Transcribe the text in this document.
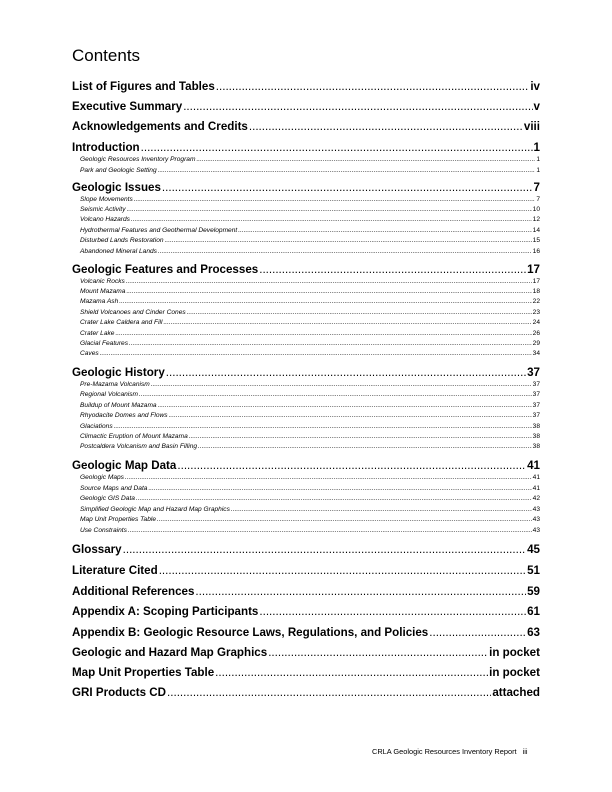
Contents
List of Figures and Tables .....	iv
Executive Summary .....	v
Acknowledgements and Credits .....	viii
Introduction .....	1
Geologic Resources Inventory Program .....	1
Park and Geologic Setting .....	1
Geologic Issues .....	7
Slope Movements .....	7
Seismic Activity .....	10
Volcano Hazards .....	12
Hydrothermal Features and Geothermal Development .....	14
Disturbed Lands Restoration .....	15
Abandoned Mineral Lands .....	16
Geologic Features and Processes .....	17
Volcanic Rocks .....	17
Mount Mazama .....	18
Mazama Ash .....	22
Shield Volcanoes and Cinder Cones .....	23
Crater Lake Caldera and Fill .....	24
Crater Lake .....	26
Glacial Features .....	29
Caves .....	34
Geologic History .....	37
Pre-Mazama Volcanism .....	37
Regional Volcanism .....	37
Buildup of Mount Mazama .....	37
Rhyodacite Domes and Flows .....	37
Glaciations .....	38
Climactic Eruption of Mount Mazama .....	38
Postcaldera Volcanism and Basin Filling .....	38
Geologic Map Data .....	41
Geologic Maps .....	41
Source Maps and Data .....	41
Geologic GIS Data .....	42
Simplified Geologic Map and Hazard Map Graphics .....	43
Map Unit Properties Table .....	43
Use Constraints .....	43
Glossary .....	45
Literature Cited .....	51
Additional References .....	59
Appendix A: Scoping Participants .....	61
Appendix B: Geologic Resource Laws, Regulations, and Policies .....	63
Geologic and Hazard Map Graphics .....	in pocket
Map Unit Properties Table .....	in pocket
GRI Products CD .....	attached
CRLA Geologic Resources Inventory Report iii
